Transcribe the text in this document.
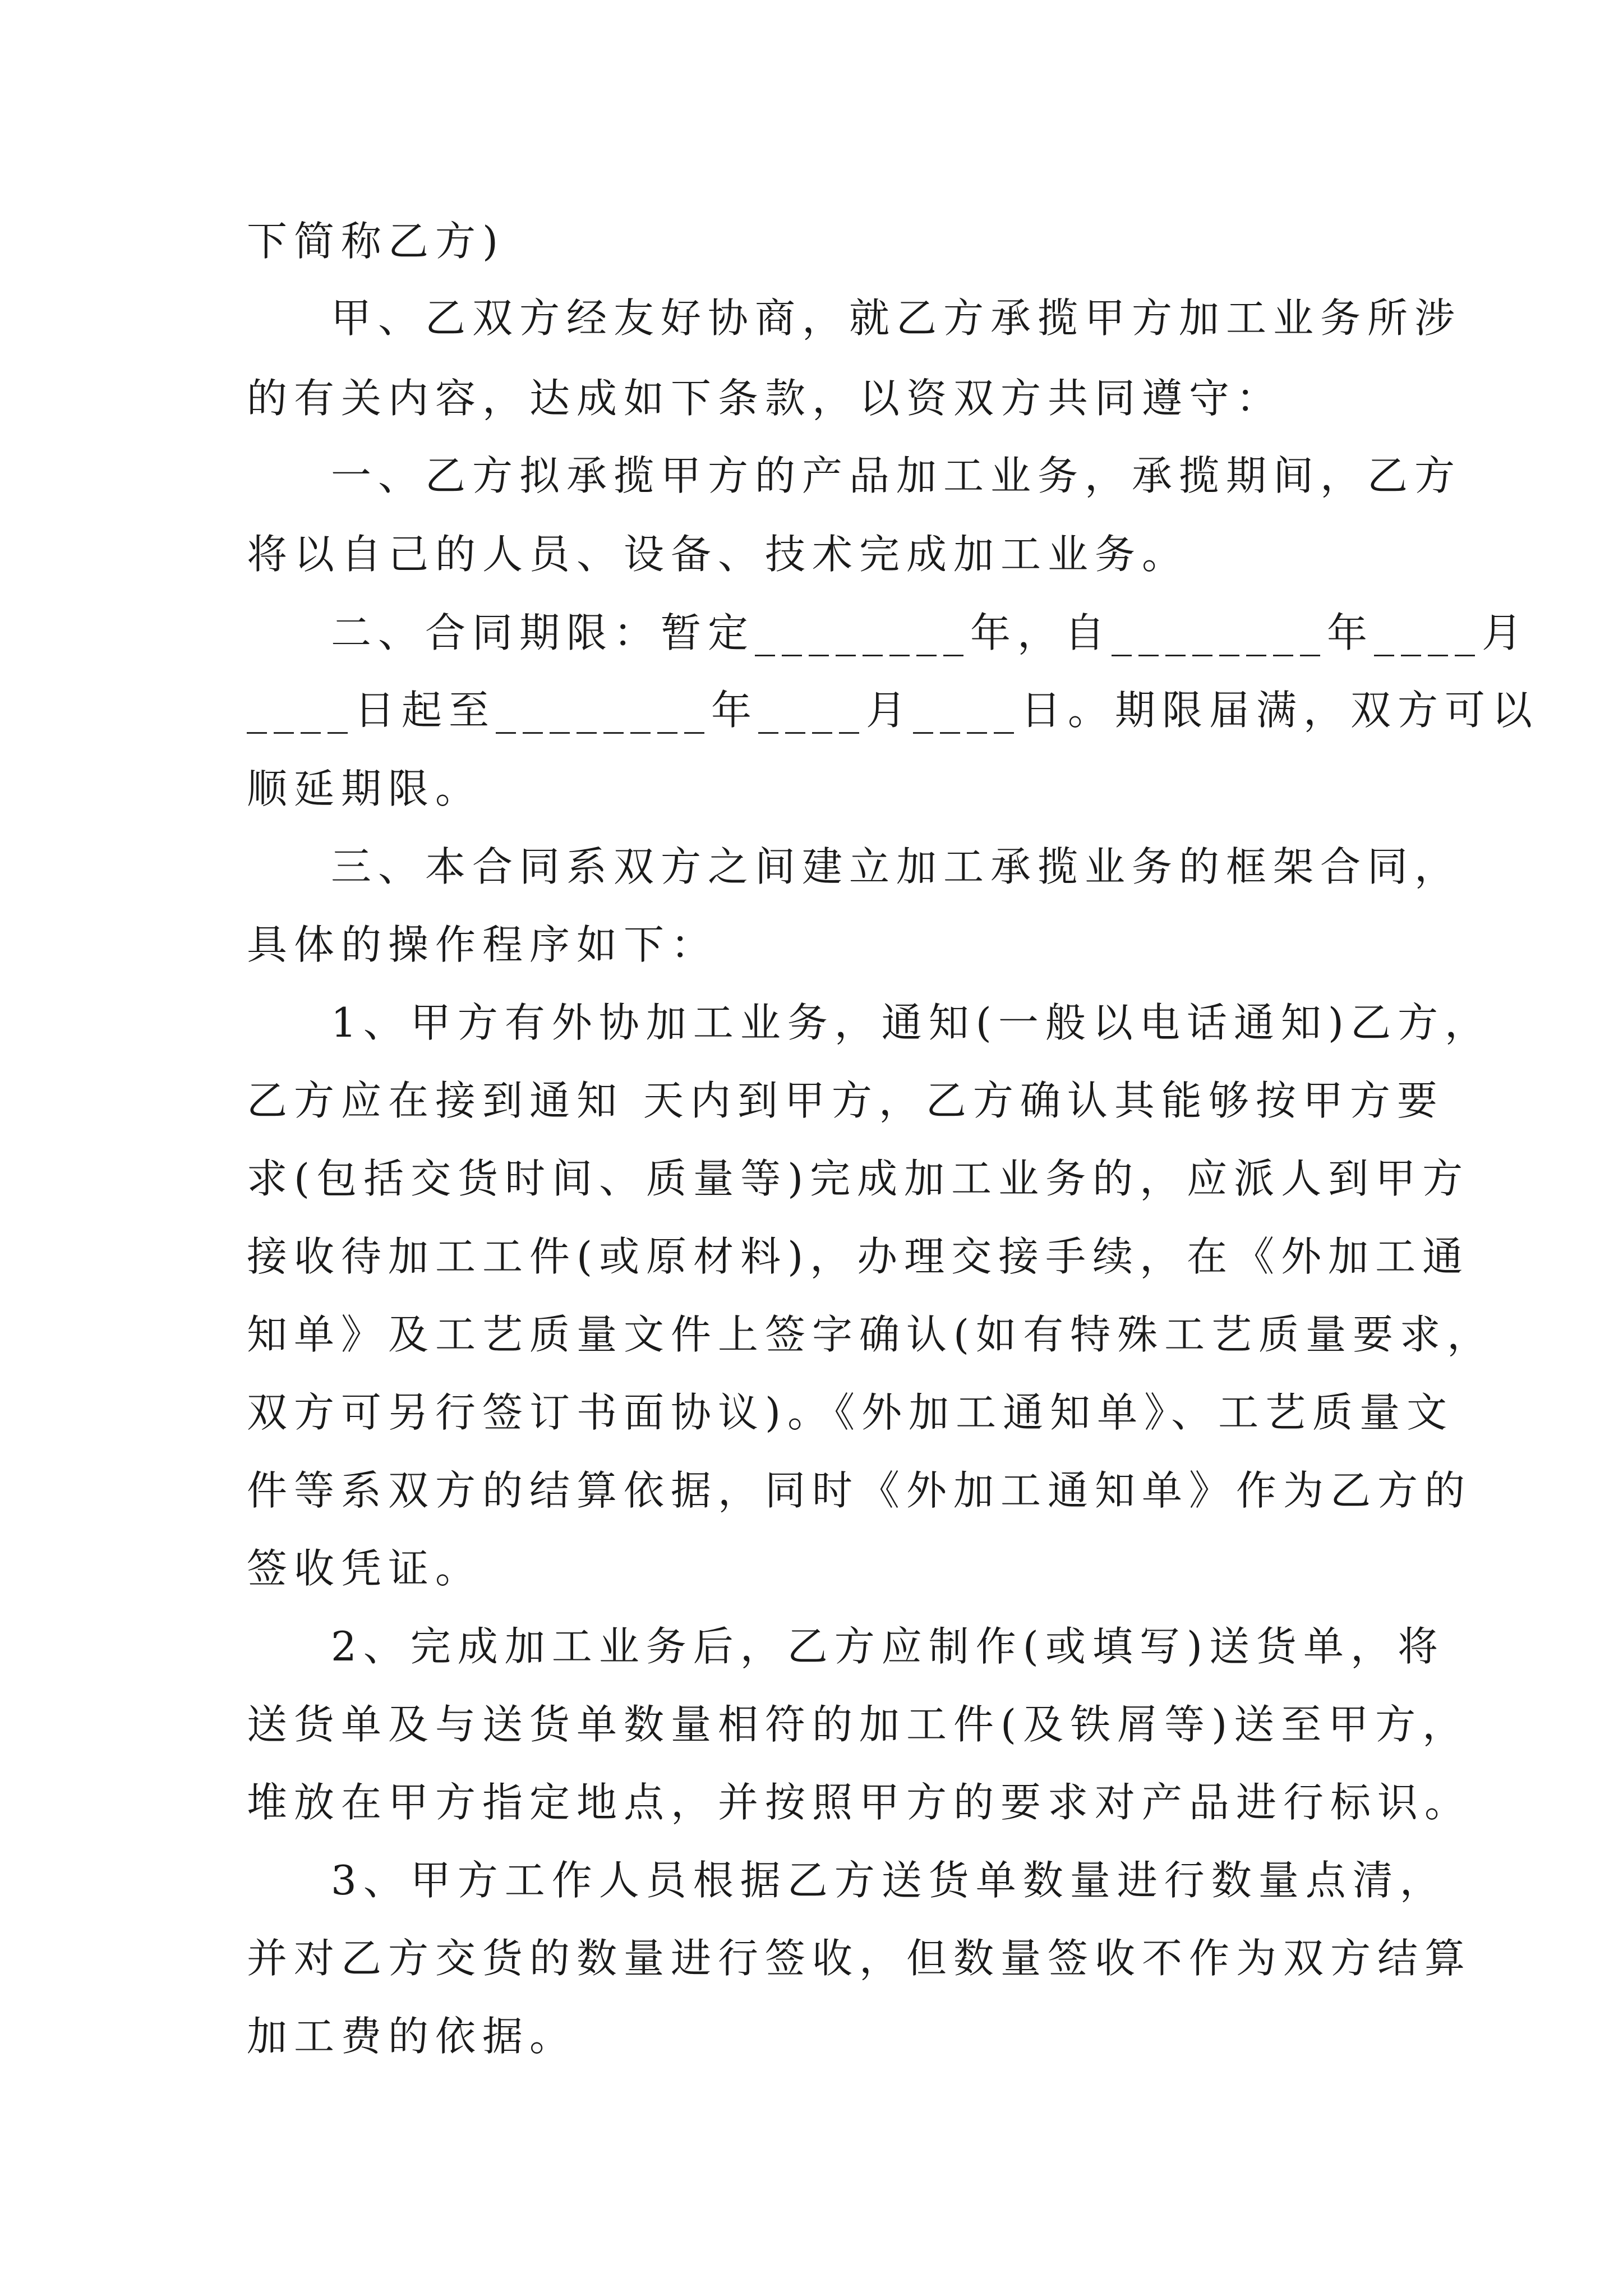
下简称乙方)
甲、乙双方经友好协商，就乙方承揽甲方加工业务所涉
的有关内容，达成如下条款，以资双方共同遵守：
一、乙方拟承揽甲方的产品加工业务，承揽期间，乙方
将以自己的人员、设备、技术完成加工业务。
二、合同期限：暂定________年，自________年____月
____日起至________年____月____日。期限届满，双方可以
顺延期限。
三、本合同系双方之间建立加工承揽业务的框架合同，
具体的操作程序如下：
1、甲方有外协加工业务，通知(一般以电话通知)乙方，
乙方应在接到通知 天内到甲方，乙方确认其能够按甲方要
求(包括交货时间、质量等)完成加工业务的，应派人到甲方
接收待加工工件(或原材料)，办理交接手续，在《外加工通
知单》及工艺质量文件上签字确认(如有特殊工艺质量要求，
双方可另行签订书面协议)。《外加工通知单》、工艺质量文
件等系双方的结算依据，同时《外加工通知单》作为乙方的
签收凭证。
2、完成加工业务后，乙方应制作(或填写)送货单，将
送货单及与送货单数量相符的加工件(及铁屑等)送至甲方，
堆放在甲方指定地点，并按照甲方的要求对产品进行标识。
3、甲方工作人员根据乙方送货单数量进行数量点清，
并对乙方交货的数量进行签收，但数量签收不作为双方结算
加工费的依据。
